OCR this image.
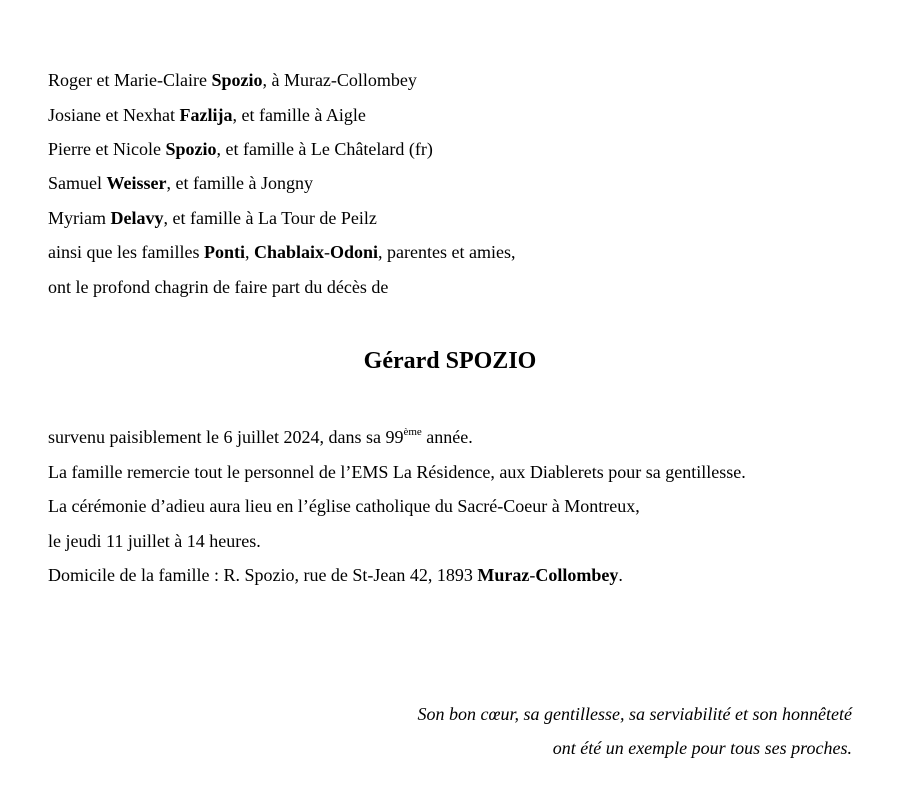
Roger et Marie-Claire Spozio, à Muraz-Collombey
Josiane et Nexhat Fazlija, et famille à Aigle
Pierre et Nicole Spozio, et famille à Le Châtelard (fr)
Samuel Weisser, et famille à Jongny
Myriam Delavy, et famille à La Tour de Peilz
ainsi que les familles Ponti, Chablaix-Odoni, parentes et amies,
ont le profond chagrin de faire part du décès de
Gérard SPOZIO
survenu paisiblement le 6 juillet 2024, dans sa 99ème année.
La famille remercie tout le personnel de l’EMS La Résidence, aux Diablerets pour sa gentillesse.
La cérémonie d’adieu aura lieu en l’église catholique du Sacré-Coeur à Montreux,
le jeudi 11 juillet à 14 heures.
Domicile de la famille : R. Spozio, rue de St-Jean 42, 1893 Muraz-Collombey.
Son bon cœur, sa gentillesse, sa serviabilité et son honnêteté
ont été un exemple pour tous ses proches.
